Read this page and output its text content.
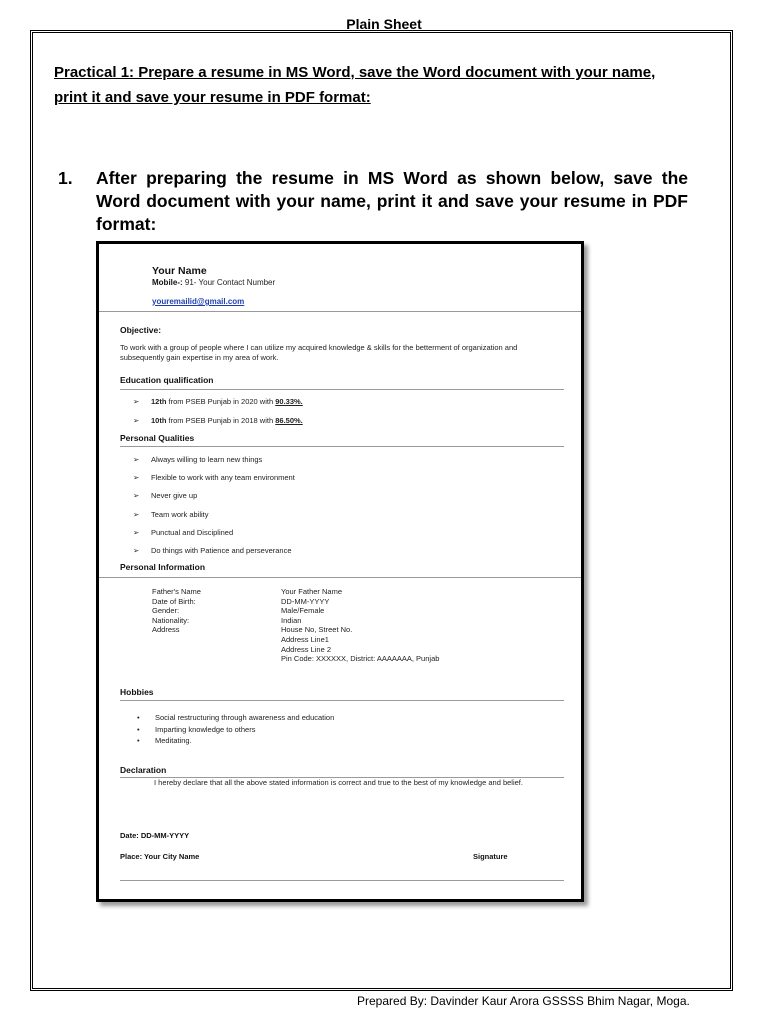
Plain Sheet
Practical 1: Prepare a resume in MS Word, save the Word document with your name,
print it and save your resume in PDF format:
1.	After preparing the resume in MS Word as shown below, save the Word document with your name, print it and save your resume in PDF format:
Your Name
Mobile-: 91- Your Contact Number
youremailid@gmail.com
Objective:
To work with a group of people where I can utilize my acquired knowledge & skills for the betterment of organization and subsequently gain expertise in my area of work.
Education qualification
➢ 12th from PSEB Punjab in 2020 with 90.33%.
➢ 10th from PSEB Punjab in 2018 with 86.50%.
Personal Qualities
➢ Always willing to learn new things
➢ Flexible to work with any team environment
➢ Never give up
➢ Team work ability
➢ Punctual and Disciplined
➢ Do things with Patience and perseverance
Personal Information
Father's Name
Date of Birth:
Gender:
Nationality:
Address
Your Father Name
DD-MM-YYYY
Male/Female
Indian
House No, Street No.
Address Line1
Address Line 2
Pin Code: XXXXXX, District: AAAAAAA, Punjab
Hobbies
• Social restructuring through awareness and education
• Imparting knowledge to others
• Meditating.
Declaration
I hereby declare that all the above stated information is correct and true to the best of my knowledge and belief.
Date: DD-MM-YYYY
Place: Your City Name	Signature
Prepared By: Davinder Kaur Arora GSSSS Bhim Nagar, Moga.
